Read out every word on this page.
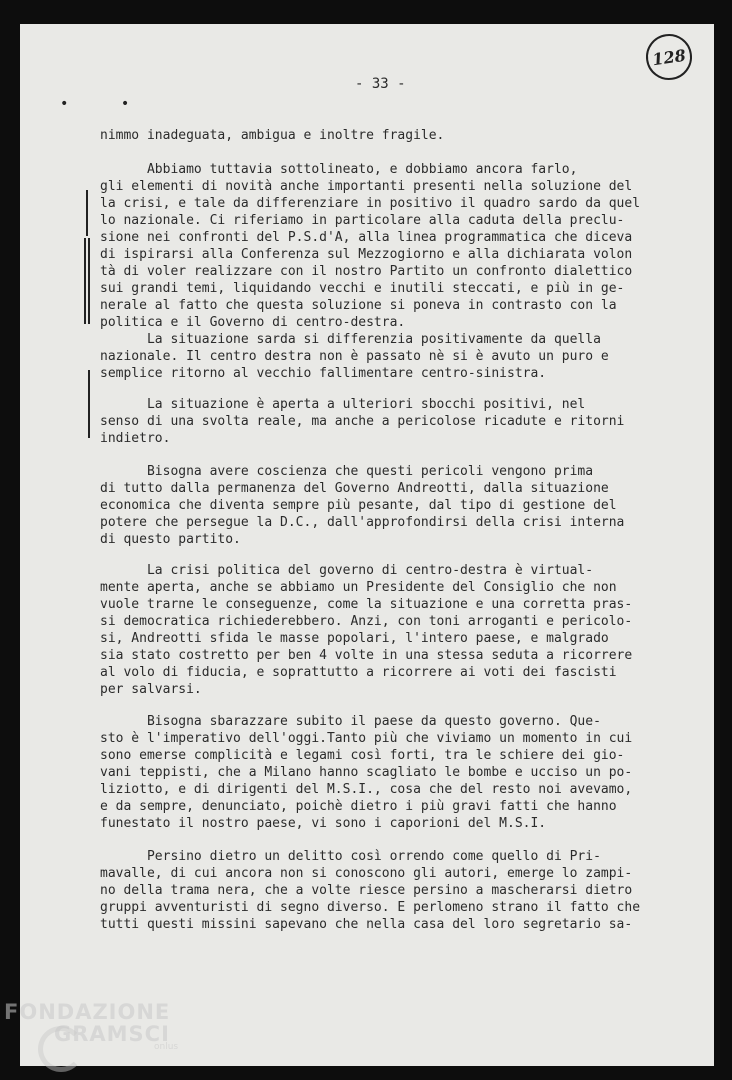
128
- 33 -
• •
nimmo inadeguata, ambigua e inoltre fragile.
Abbiamo tuttavia sottolineato, e dobbiamo ancora farlo,
gli elementi di novità anche importanti presenti nella soluzione del
la crisi, e tale da differenziare in positivo il quadro sardo da quel
lo nazionale. Ci riferiamo in particolare alla caduta della preclu-
sione nei confronti del P.S.d'A, alla linea programmatica che diceva
di ispirarsi alla Conferenza sul Mezzogiorno e alla dichiarata volon
tà di voler realizzare con il nostro Partito un confronto dialettico
sui grandi temi, liquidando vecchi e inutili steccati, e più in ge-
nerale al fatto che questa soluzione si poneva in contrasto con la
politica e il Governo di centro-destra.
La situazione sarda si differenzia positivamente da quella
nazionale. Il centro destra non è passato nè si è avuto un puro e
semplice ritorno al vecchio fallimentare centro-sinistra.
La situazione è aperta a ulteriori sbocchi positivi, nel
senso di una svolta reale, ma anche a pericolose ricadute e ritorni
indietro.
Bisogna avere coscienza che questi pericoli vengono prima
di tutto dalla permanenza del Governo Andreotti, dalla situazione
economica che diventa sempre più pesante, dal tipo di gestione del
potere che persegue la D.C., dall'approfondirsi della crisi interna
di questo partito.
La crisi politica del governo di centro-destra è virtual-
mente aperta, anche se abbiamo un Presidente del Consiglio che non
vuole trarne le conseguenze, come la situazione e una corretta pras-
si democratica richiederebbero. Anzi, con toni arroganti e pericolo-
si, Andreotti sfida le masse popolari, l'intero paese, e malgrado
sia stato costretto per ben 4 volte in una stessa seduta a ricorrere
al volo di fiducia, e soprattutto a ricorrere ai voti dei fascisti
per salvarsi.
Bisogna sbarazzare subito il paese da questo governo. Que-
sto è l'imperativo dell'oggi.Tanto più che viviamo un momento in cui
sono emerse complicità e legami così forti, tra le schiere dei gio-
vani teppisti, che a Milano hanno scagliato le bombe e ucciso un po-
liziotto, e di dirigenti del M.S.I., cosa che del resto noi avevamo,
e da sempre, denunciato, poichè dietro i più gravi fatti che hanno
funestato il nostro paese, vi sono i caporioni del M.S.I.
Persino dietro un delitto così orrendo come quello di Pri-
mavalle, di cui ancora non si conoscono gli autori, emerge lo zampi-
no della trama nera, che a volte riesce persino a mascherarsi dietro
gruppi avventuristi di segno diverso. E perlomeno strano il fatto che
tutti questi missini sapevano che nella casa del loro segretario sa-
FONDAZIONE
GRAMSCI
onlus
